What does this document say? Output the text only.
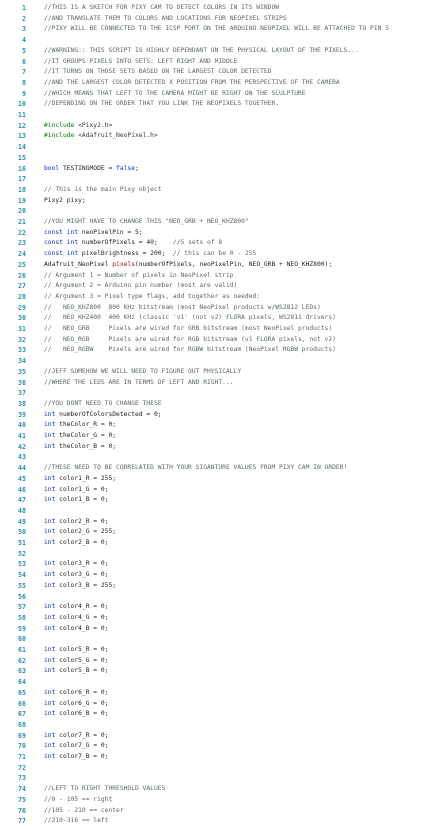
1	//THIS IS A SKETCH FOR PIXY CAM TO DETECT COLORS IN ITS WINDOW
2	//AND TRANSLATE THEM TO COLORS AND LOCATIONS FOR NEOPIXEL STRIPS
3	//PIXY WILL BE CONNECTED TO THE ICSP PORT ON THE ARDUINO NEOPIXEL WILL BE ATTACHED TO PIN 5
4
5	//WARNING:: THIS SCRIPT IS HIGHLY DEPENDANT ON THE PHYSICAL LAYOUT OF THE PIXELS...
6	//IT GROUPS PIXELS INTO SETS: LEFT RIGHT AND MIDDLE
7	//IT TURNS ON THOSE SETS BASED ON THE LARGEST COLOR DETECTED
8	//AND THE LARGEST COLOR DETECTED X POSITION FROM THE PERSPECTIVE OF THE CAMERA
9	//WHICH MEANS THAT LEFT TO THE CAMERA MIGHT BE RIGHT ON THE SCULPTURE
10	//DEPENDING ON THE ORDER THAT YOU LINK THE NEOPIXELS TOGETHER.
11
12	#include <Pixy2.h>
13	#include <Adafruit_NeoPixel.h>
14
15
16	bool TESTINGMODE = false;
17
18	// This is the main Pixy object
19	Pixy2 pixy;
20
21	//YOU MIGHT HAVE TO CHANGE THIS "NEO_GRB + NEO_KHZ800"
22	const int neoPixelPin = 5;
23	const int numberOfPixels = 40;    //5 sets of 8
24	const int pixelBrightness = 200;  // this can be 0 - 255
25	Adafruit_NeoPixel pixels(numberOfPixels, neoPixelPin, NEO_GRB + NEO_KHZ800);
26	// Argument 1 = Number of pixels in NeoPixel strip
27	// Argument 2 = Arduino pin number (most are valid)
28	// Argument 3 = Pixel type flags, add together as needed:
29	//   NEO_KHZ800  800 KHz bitstream (most NeoPixel products w/WS2812 LEDs)
30	//   NEO_KHZ400  400 KHz (classic 'v1' (not v2) FLORA pixels, WS2811 drivers)
31	//   NEO_GRB     Pixels are wired for GRB bitstream (most NeoPixel products)
32	//   NEO_RGB     Pixels are wired for RGB bitstream (v1 FLORA pixels, not v2)
33	//   NEO_RGBW    Pixels are wired for RGBW bitstream (NeoPixel RGBW products)
34
35	//JEFF SOMEHOW WE WILL NEED TO FIGURE OUT PHYSICALLY
36	//WHERE THE LEDS ARE IN TERMS OF LEFT AND RIGHT...
37
38	//YOU DONT NEED TO CHANGE THESE
39	int numberOfColorsDetected = 0;
40	int theColor_R = 0;
41	int theColor_G = 0;
42	int theColor_B = 0;
43
44	//THESE NEED TO BE CORRELATED WITH YOUR SIGANTURE VALUES FROM PIXY CAM IN ORDER!
45	int color1_R = 255;
46	int color1_G = 0;
47	int color1_B = 0;
48
49	int color2_R = 0;
50	int color2_G = 255;
51	int color2_B = 0;
52
53	int color3_R = 0;
54	int color3_G = 0;
55	int color3_B = 255;
56
57	int color4_R = 0;
58	int color4_G = 0;
59	int color4_B = 0;
60
61	int color5_R = 0;
62	int color5_G = 0;
63	int color5_B = 0;
64
65	int color6_R = 0;
66	int color6_G = 0;
67	int color6_B = 0;
68
69	int color7_R = 0;
70	int color7_G = 0;
71	int color7_B = 0;
72
73
74	//LEFT TO RIGHT THRESHOLD VALUES
75	//0 - 105 == right
76	//105 - 210 == center
77	//210-316 == left
